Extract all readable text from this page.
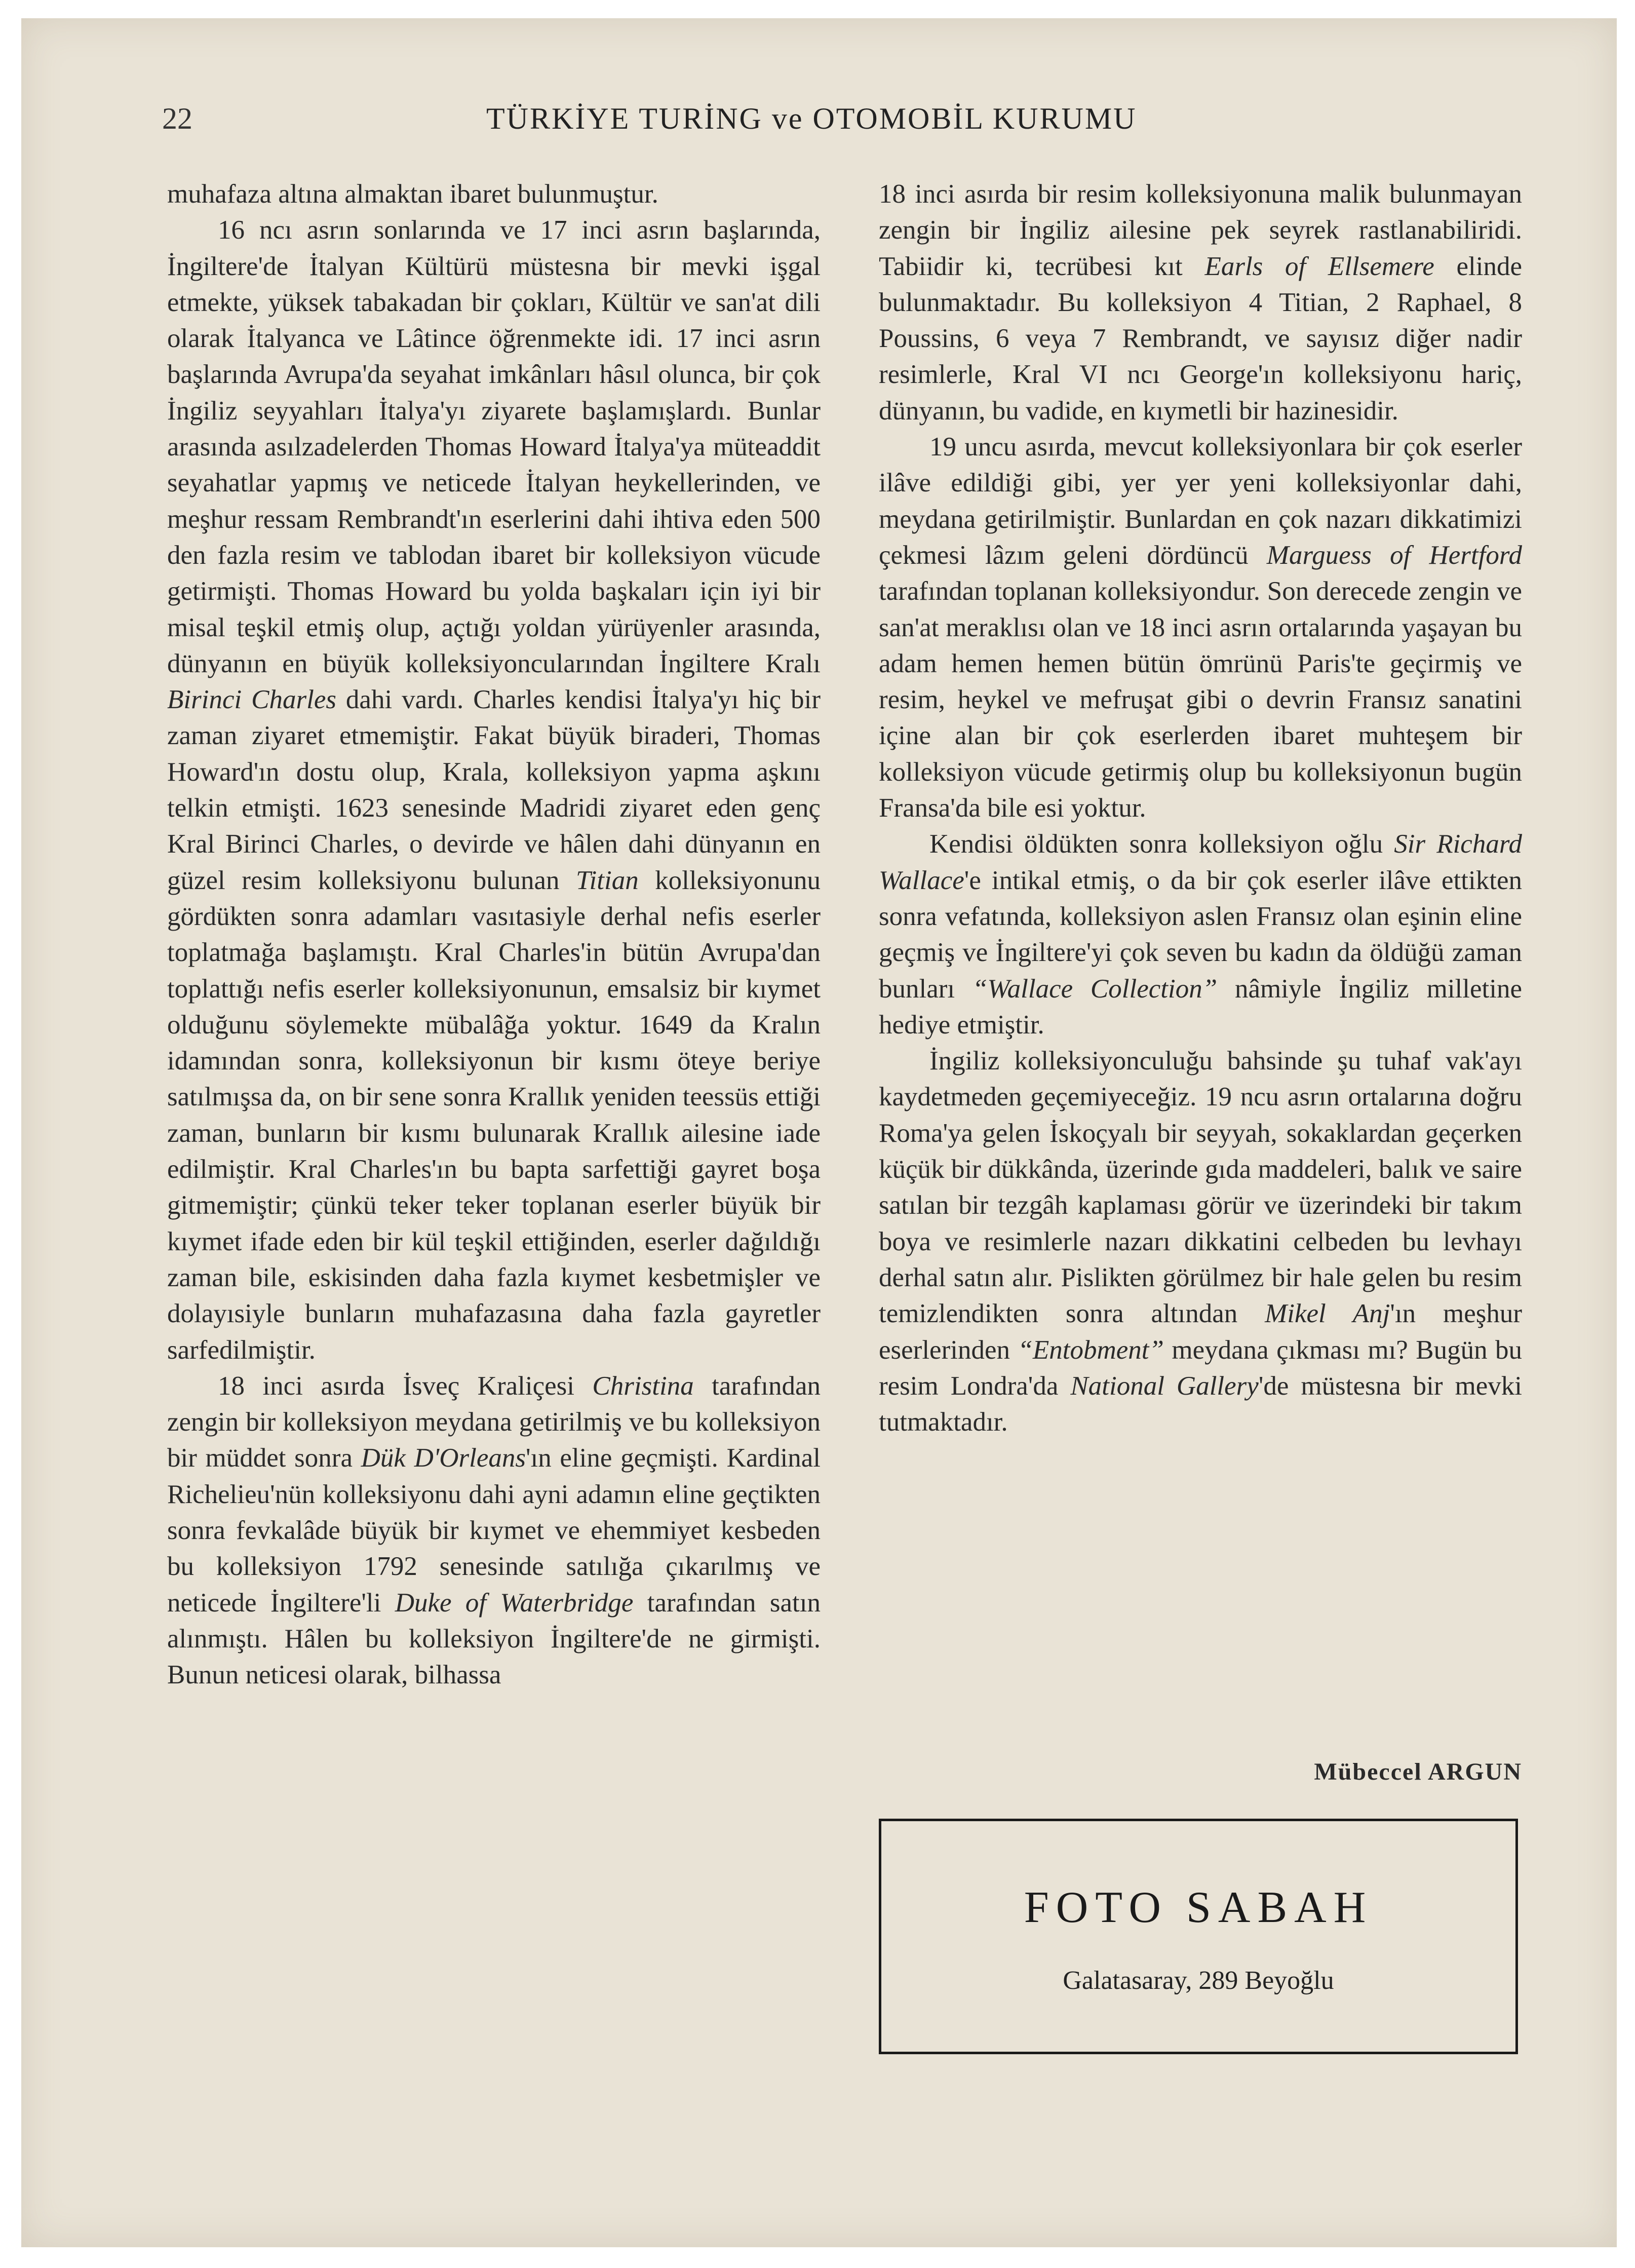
22	TÜRKİYE TURİNG ve OTOMOBİL KURUMU

muhafaza altına almaktan ibaret bulunmuştur.

16 ncı asrın sonlarında ve 17 inci asrın başlarında, İngiltere'de İtalyan Kültürü müstesna bir mevki işgal etmekte, yüksek tabakadan bir çokları, Kültür ve san'at dili olarak İtalyanca ve Lâtince öğrenmekte idi. 17 inci asrın başlarında Avrupa'da seyahat imkânları hâsıl olunca, bir çok İngiliz seyyahları İtalya'yı ziyarete başlamışlardı. Bunlar arasında asılzadelerden Thomas Howard İtalya'ya müteaddit seyahatlar yapmış ve neticede İtalyan heykellerinden, ve meşhur ressam Rembrandt'ın eserlerini dahi ihtiva eden 500 den fazla resim ve tablodan ibaret bir kolleksiyon vücude getirmişti. Thomas Howard bu yolda başkaları için iyi bir misal teşkil etmiş olup, açtığı yoldan yürüyenler arasında, dünyanın en büyük kolleksiyoncularından İngiltere Kralı Birinci Charles dahi vardı. Charles kendisi İtalya'yı hiç bir zaman ziyaret etmemiştir. Fakat büyük biraderi, Thomas Howard'ın dostu olup, Krala, kolleksiyon yapma aşkını telkin etmişti. 1623 senesinde Madridi ziyaret eden genç Kral Birinci Charles, o devirde ve hâlen dahi dünyanın en güzel resim kolleksiyonu bulunan Titian kolleksiyonunu gördükten sonra adamları vasıtasiyle derhal nefis eserler toplatmağa başlamıştı. Kral Charles'in bütün Avrupa'dan toplattığı nefis eserler kolleksiyonunun, emsalsiz bir kıymet olduğunu söylemekte mübalâğa yoktur. 1649 da Kralın idamından sonra, kolleksiyonun bir kısmı öteye beriye satılmışsa da, on bir sene sonra Krallık yeniden teessüs ettiği zaman, bunların bir kısmı bulunarak Krallık ailesine iade edilmiştir. Kral Charles'ın bu bapta sarfettiği gayret boşa gitmemiştir; çünkü teker teker toplanan eserler büyük bir kıymet ifade eden bir kül teşkil ettiğinden, eserler dağıldığı zaman bile, eskisinden daha fazla kıymet kesbetmişler ve dolayısiyle bunların muhafazasına daha fazla gayretler sarfedilmiştir.

18 inci asırda İsveç Kraliçesi Christina tarafından zengin bir kolleksiyon meydana getirilmiş ve bu kolleksiyon bir müddet sonra Dük D'Orleans'ın eline geçmişti. Kardinal Richelieu'nün kolleksiyonu dahi ayni adamın eline geçtikten sonra fevkalâde büyük bir kıymet ve ehemmiyet kesbeden bu kolleksiyon 1792 senesinde satılığa çıkarılmış ve neticede İngiltere'li Duke of Waterbridge tarafından satın alınmıştı. Hâlen bu kolleksiyon İngiltere'de ne girmişti. Bunun neticesi olarak, bilhassa

18 inci asırda bir resim kolleksiyonuna malik bulunmayan zengin bir İngiliz ailesine pek seyrek rastlanabiliridi. Tabiidir ki, tecrübesi kıt Earls of Ellsemere elinde bulunmaktadır. Bu kolleksiyon 4 Titian, 2 Raphael, 8 Poussins, 6 veya 7 Rembrandt, ve sayısız diğer nadir resimlerle, Kral VI ncı George'ın kolleksiyonu hariç, dünyanın, bu vadide, en kıymetli bir hazinesidir.

19 uncu asırda, mevcut kolleksiyonlara bir çok eserler ilâve edildiği gibi, yer yer yeni kolleksiyonlar dahi, meydana getirilmiştir. Bunlardan en çok nazarı dikkatimizi çekmesi lâzım geleni dördüncü Marguess of Hertford tarafından toplanan kolleksiyondur. Son derecede zengin ve san'at meraklısı olan ve 18 inci asrın ortalarında yaşayan bu adam hemen hemen bütün ömrünü Paris'te geçirmiş ve resim, heykel ve mefruşat gibi o devrin Fransız sanatini içine alan bir çok eserlerden ibaret muhteşem bir kolleksiyon vücude getirmiş olup bu kolleksiyonun bugün Fransa'da bile esi yoktur.

Kendisi öldükten sonra kolleksiyon oğlu Sir Richard Wallace'e intikal etmiş, o da bir çok eserler ilâve ettikten sonra vefatında, kolleksiyon aslen Fransız olan eşinin eline geçmiş ve İngiltere'yi çok seven bu kadın da öldüğü zaman bunları “Wallace Collection” nâmiyle İngiliz milletine hediye etmiştir.

İngiliz kolleksiyonculuğu bahsinde şu tuhaf vak'ayı kaydetmeden geçemiyeceğiz. 19 ncu asrın ortalarına doğru Roma'ya gelen İskoçyalı bir seyyah, sokaklardan geçerken küçük bir dükkânda, üzerinde gıda maddeleri, balık ve saire satılan bir tezgâh kaplaması görür ve üzerindeki bir takım boya ve resimlerle nazarı dikkatini celbeden bu levhayı derhal satın alır. Pislikten görülmez bir hale gelen bu resim temizlendikten sonra altından Mikel Anj'ın meşhur eserlerinden “Entobment” meydana çıkması mı? Bugün bu resim Londra'da National Gallery'de müstesna bir mevki tutmaktadır.

Mübeccel ARGUN
FOTO SABAH
Galatasaray, 289 Beyoğlu
